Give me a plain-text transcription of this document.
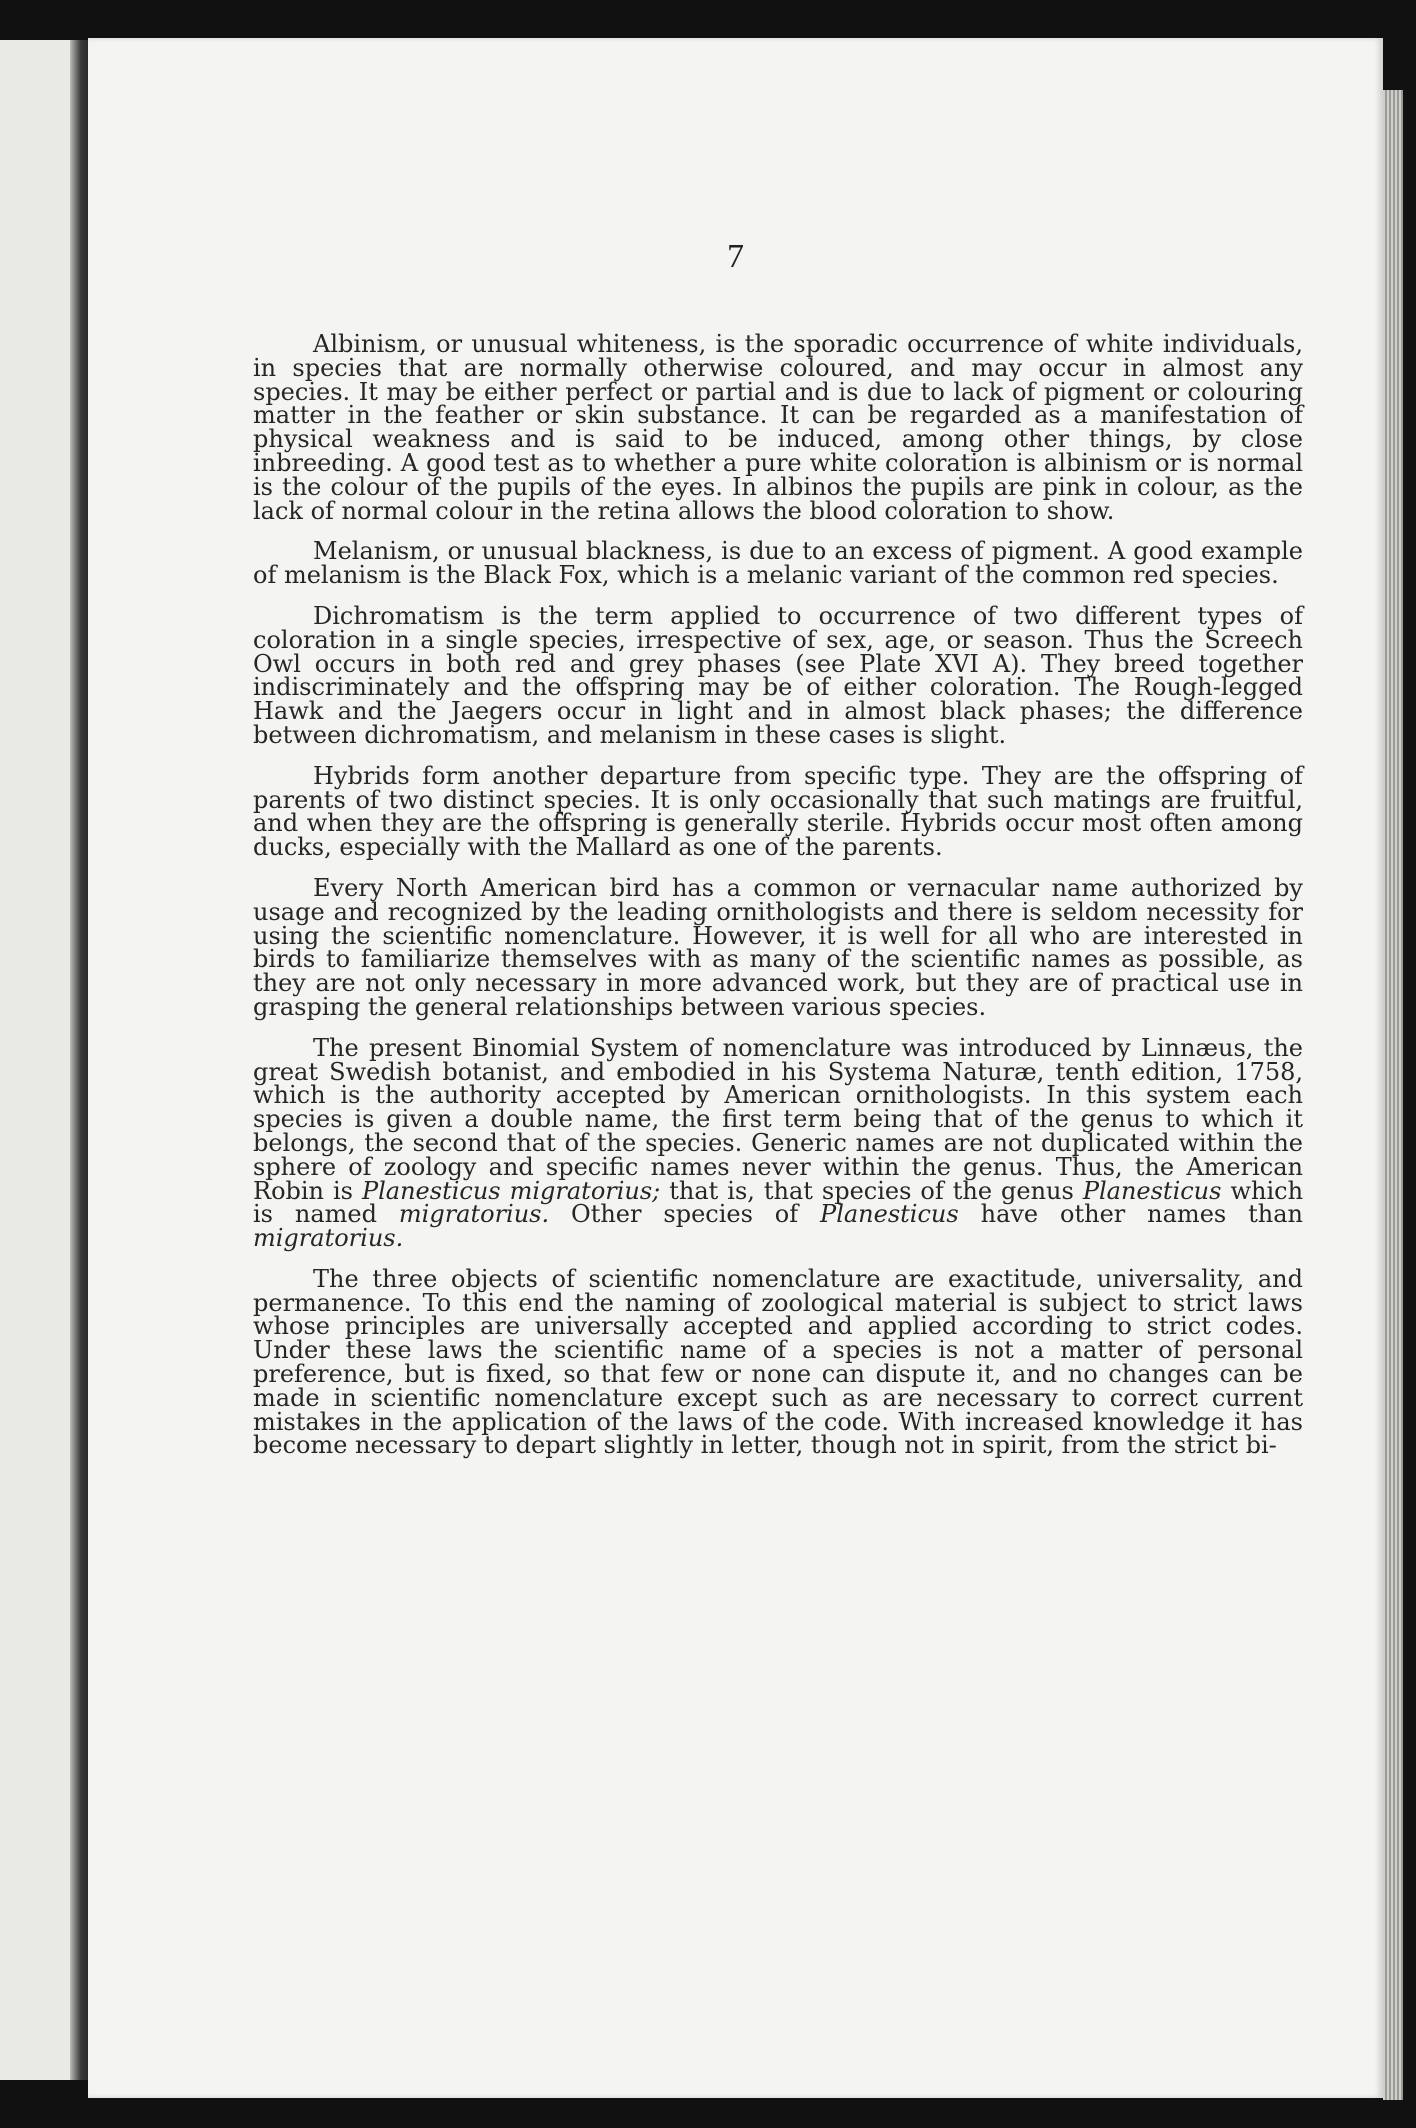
7

Albinism, or unusual whiteness, is the sporadic occurrence of white individuals, in species that are normally otherwise coloured, and may occur in almost any species. It may be either perfect or partial and is due to lack of pigment or colouring matter in the feather or skin substance. It can be regarded as a manifestation of physical weakness and is said to be induced, among other things, by close inbreeding. A good test as to whether a pure white coloration is albinism or is normal is the colour of the pupils of the eyes. In albinos the pupils are pink in colour, as the lack of normal colour in the retina allows the blood coloration to show.

Melanism, or unusual blackness, is due to an excess of pigment. A good example of melanism is the Black Fox, which is a melanic variant of the common red species.

Dichromatism is the term applied to occurrence of two different types of coloration in a single species, irrespective of sex, age, or season. Thus the Screech Owl occurs in both red and grey phases (see Plate XVI A). They breed together indiscriminately and the offspring may be of either coloration. The Rough-legged Hawk and the Jaegers occur in light and in almost black phases; the difference between dichromatism, and melanism in these cases is slight.

Hybrids form another departure from specific type. They are the offspring of parents of two distinct species. It is only occasionally that such matings are fruitful, and when they are the offspring is generally sterile. Hybrids occur most often among ducks, especially with the Mallard as one of the parents.

Every North American bird has a common or vernacular name authorized by usage and recognized by the leading ornithologists and there is seldom necessity for using the scientific nomenclature. However, it is well for all who are interested in birds to familiarize themselves with as many of the scientific names as possible, as they are not only necessary in more advanced work, but they are of practical use in grasping the general relationships between various species.

The present Binomial System of nomenclature was introduced by Linnæus, the great Swedish botanist, and embodied in his Systema Naturæ, tenth edition, 1758, which is the authority accepted by American ornithologists. In this system each species is given a double name, the first term being that of the genus to which it belongs, the second that of the species. Generic names are not duplicated within the sphere of zoology and specific names never within the genus. Thus, the American Robin is Planesticus migratorius; that is, that species of the genus Planesticus which is named migratorius. Other species of Planesticus have other names than migratorius.

The three objects of scientific nomenclature are exactitude, universality, and permanence. To this end the naming of zoological material is subject to strict laws whose principles are universally accepted and applied according to strict codes. Under these laws the scientific name of a species is not a matter of personal preference, but is fixed, so that few or none can dispute it, and no changes can be made in scientific nomenclature except such as are necessary to correct current mistakes in the application of the laws of the code. With increased knowledge it has become necessary to depart slightly in letter, though not in spirit, from the strict bi-
